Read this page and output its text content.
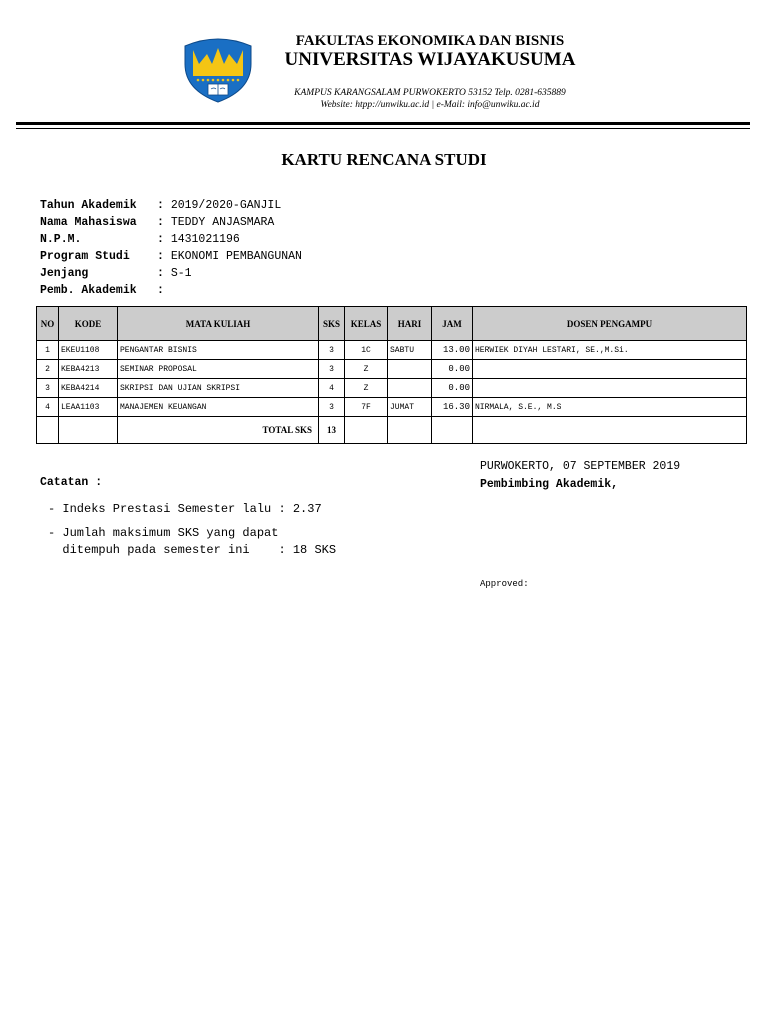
FAKULTAS EKONOMIKA DAN BISNIS
UNIVERSITAS WIJAYAKUSUMA
KAMPUS KARANGSALAM PURWOKERTO 53152 Telp. 0281-635889
Website: htpp://unwiku.ac.id | e-Mail: info@unwiku.ac.id
KARTU RENCANA STUDI
Tahun Akademik : 2019/2020-GANJIL
Nama Mahasiswa : TEDDY ANJASMARA
N.P.M.	: 1431021196
Program Studi : EKONOMI PEMBANGUNAN
Jenjang	: S-1
Pemb. Akademik :
NO	KODE	MATA KULIAH	SKS	KELAS	HARI	JAM	DOSEN PENGAMPU
1	EKEU1108	PENGANTAR BISNIS	3	1C	SABTU	13.00	HERWIEK DIYAH LESTARI, SE.,M.Si.
2	KEBA4213	SEMINAR PROPOSAL	3	Z		0.00	
3	KEBA4214	SKRIPSI DAN UJIAN SKRIPSI	4	Z		0.00	
4	LEAA1103	MANAJEMEN KEUANGAN	3	7F	JUMAT	16.30	NIRMALA, S.E., M.S
		TOTAL SKS	13				
PURWOKERTO, 07 SEPTEMBER 2019
Pembimbing Akademik,
Catatan :
- Indeks Prestasi Semester lalu : 2.37
- Jumlah maksimum SKS yang dapat
ditempuh pada semester ini    : 18 SKS
Approved:
